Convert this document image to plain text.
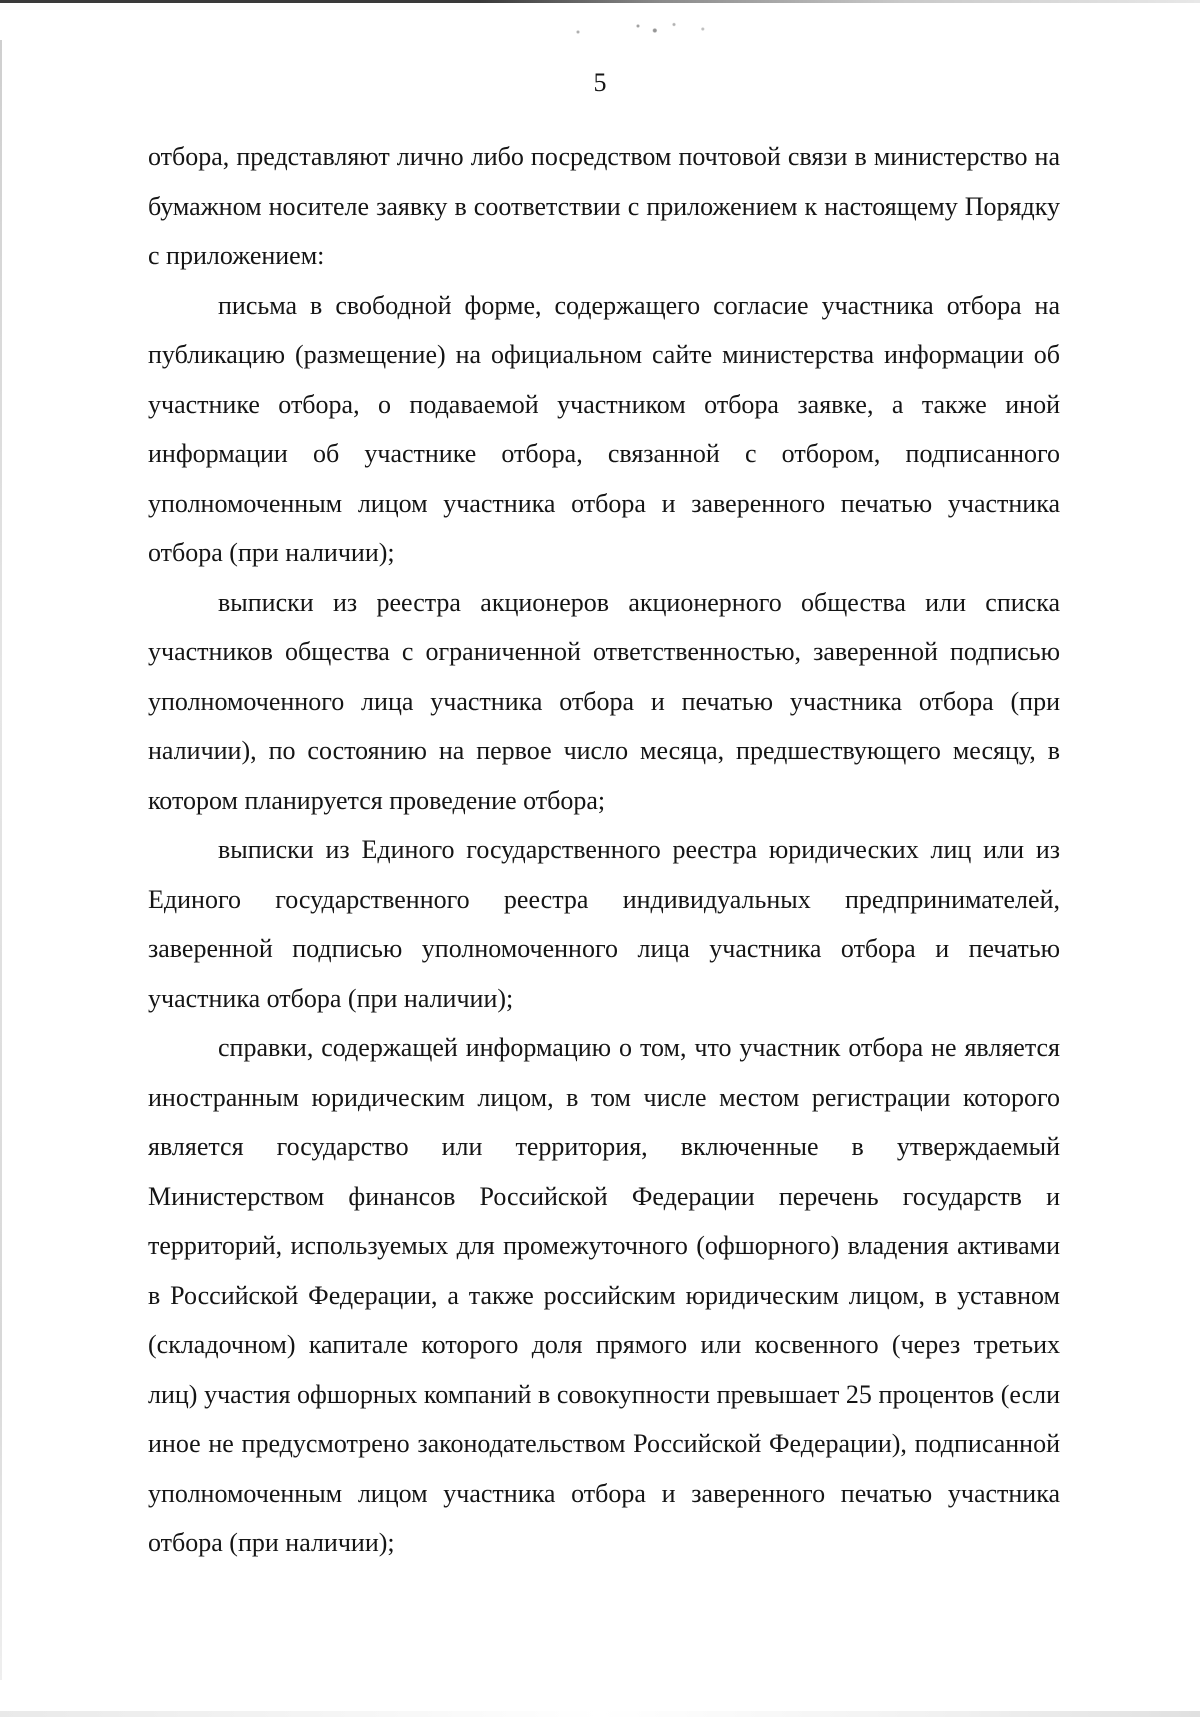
5

отбора, представляют лично либо посредством почтовой связи в министерство на бумажном носителе заявку в соответствии с приложением к настоящему Порядку с приложением:

письма в свободной форме, содержащего согласие участника отбора на публикацию (размещение) на официальном сайте министерства информации об участнике отбора, о подаваемой участником отбора заявке, а также иной информации об участнике отбора, связанной с отбором, подписанного уполномоченным лицом участника отбора и заверенного печатью участника отбора (при наличии);

выписки из реестра акционеров акционерного общества или списка участников общества с ограниченной ответственностью, заверенной подписью уполномоченного лица участника отбора и печатью участника отбора (при наличии), по состоянию на первое число месяца, предшествующего месяцу, в котором планируется проведение отбора;

выписки из Единого государственного реестра юридических лиц или из Единого государственного реестра индивидуальных предпринимателей, заверенной подписью уполномоченного лица участника отбора и печатью участника отбора (при наличии);

справки, содержащей информацию о том, что участник отбора не является иностранным юридическим лицом, в том числе местом регистрации которого является государство или территория, включенные в утверждаемый Министерством финансов Российской Федерации перечень государств и территорий, используемых для промежуточного (офшорного) владения активами в Российской Федерации, а также российским юридическим лицом, в уставном (складочном) капитале которого доля прямого или косвенного (через третьих лиц) участия офшорных компаний в совокупности превышает 25 процентов (если иное не предусмотрено законодательством Российской Федерации), подписанной уполномоченным лицом участника отбора и заверенного печатью участника отбора (при наличии);
